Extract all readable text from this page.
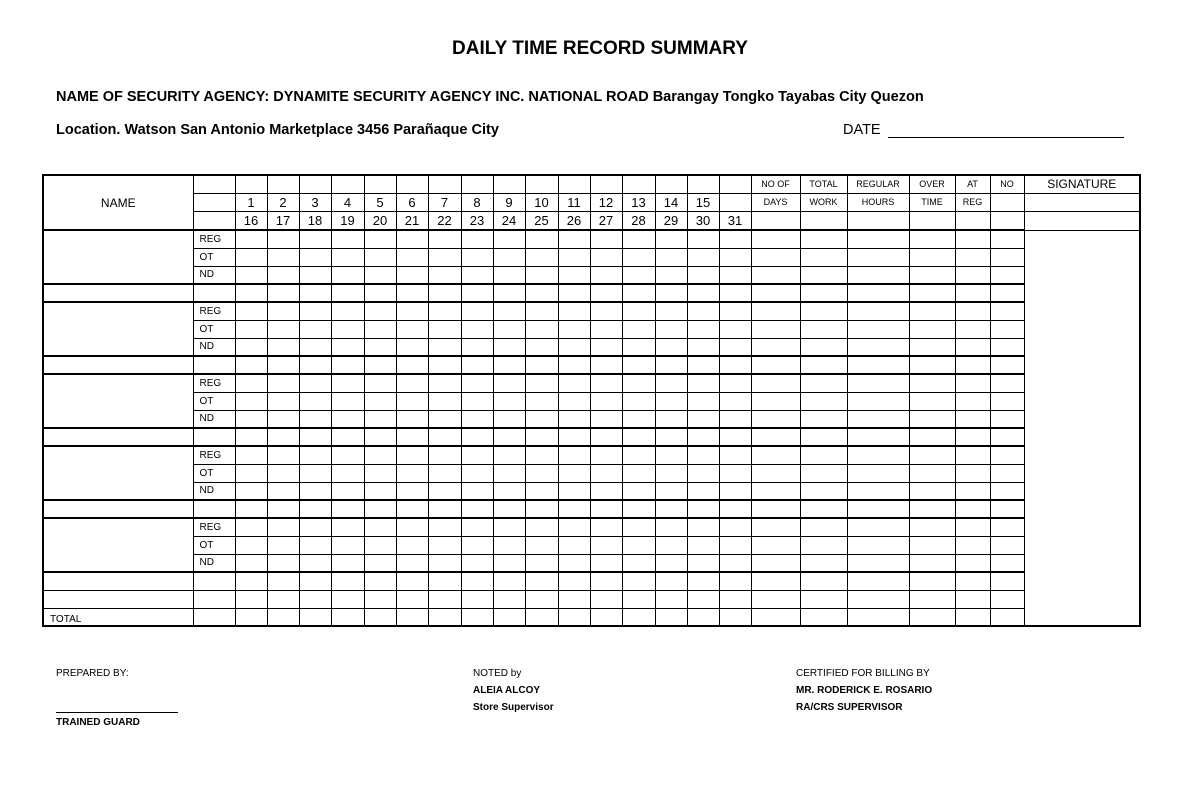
DAILY TIME RECORD SUMMARY
NAME OF SECURITY AGENCY: DYNAMITE SECURITY AGENCY INC. NATIONAL ROAD Barangay Tongko Tayabas City Quezon
Location. Watson San Antonio Marketplace 3456 Parañaque City	DATE
NAME																		NO OF	TOTAL	REGULAR	OVER	AT	NO	SIGNATURE
		1	2	3	4	5	6	7	8	9	10	11	12	13	14	15		DAYS	WORK	HOURS	TIME	REG		
		16	17	18	19	20	21	22	23	24	25	26	27	28	29	30	31							
	REG																							
	OT																							
	ND																							

	REG																							
	OT																							
	ND																							

	REG																							
	OT																							
	ND																							

	REG																							
	OT																							
	ND																							

	REG																							
	OT																							
	ND																							

TOTAL																								
PREPARED BY:
TRAINED GUARD
NOTED by
ALEIA ALCOY
Store Supervisor
CERTIFIED FOR BILLING BY
MR. RODERICK E. ROSARIO
RA/CRS SUPERVISOR
